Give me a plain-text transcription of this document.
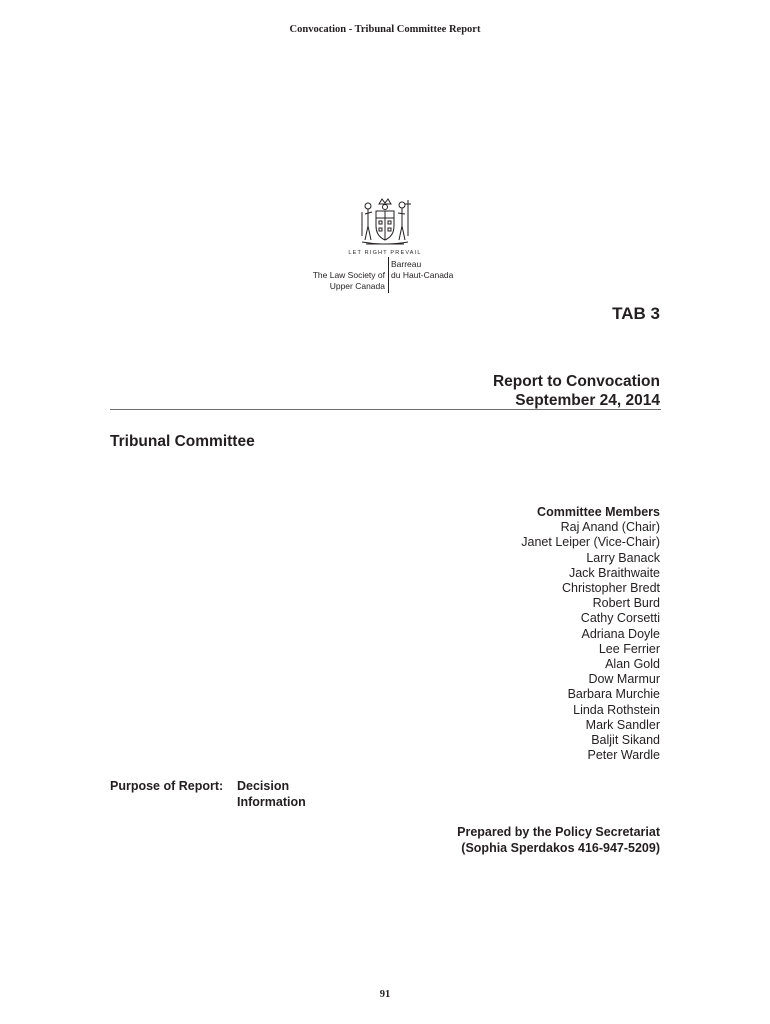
Convocation - Tribunal Committee Report
LET RIGHT PREVAIL
The Law Society of
Upper Canada
Barreau
du Haut-Canada
TAB 3
Report to Convocation
September 24, 2014
Tribunal Committee
Committee Members
Raj Anand (Chair)
Janet Leiper (Vice-Chair)
Larry Banack
Jack Braithwaite
Christopher Bredt
Robert Burd
Cathy Corsetti
Adriana Doyle
Lee Ferrier
Alan Gold
Dow Marmur
Barbara Murchie
Linda Rothstein
Mark Sandler
Baljit Sikand
Peter Wardle
Purpose of Report: Decision
Information
Prepared by the Policy Secretariat
(Sophia Sperdakos 416-947-5209)
91
